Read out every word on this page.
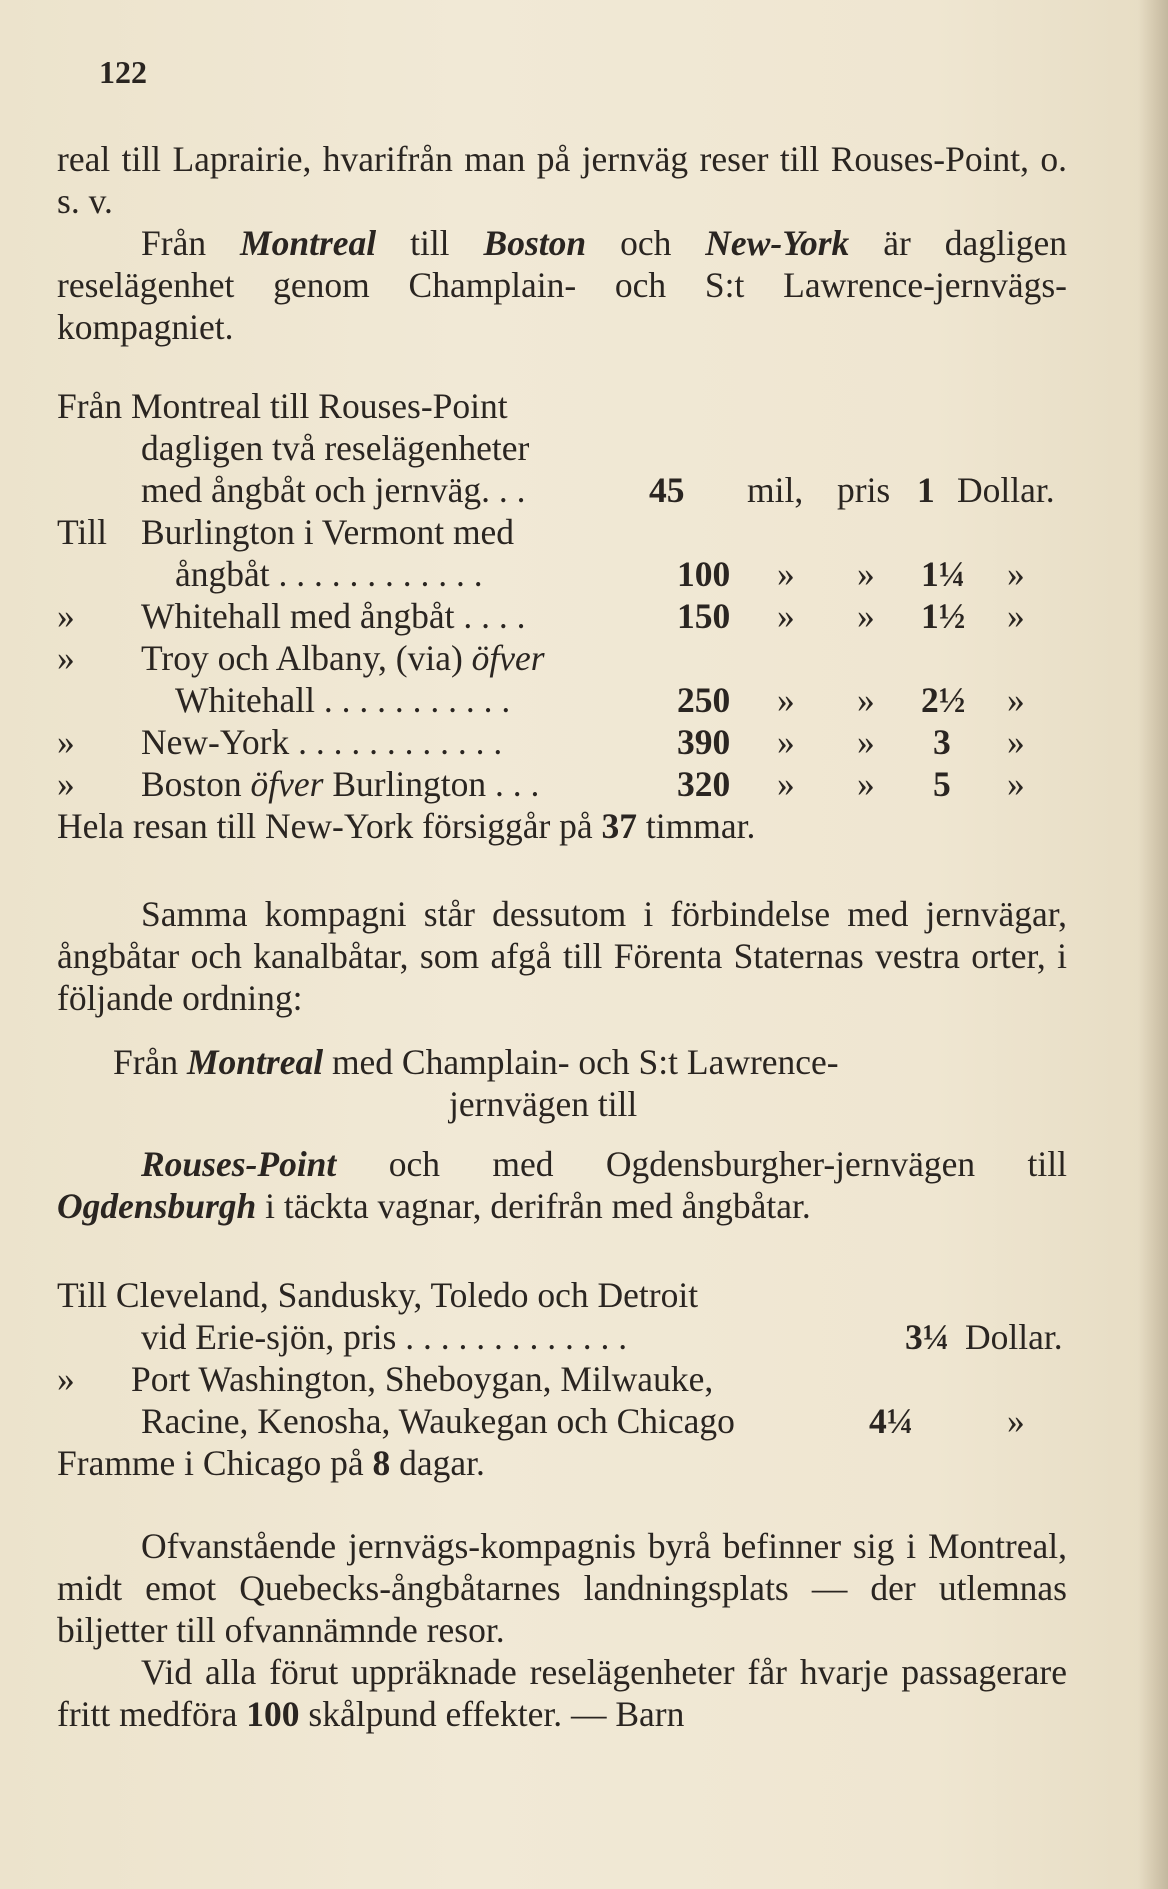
122

real till Laprairie, hvarifrån man på jernväg reser till Rouses-Point, o. s. v.

Från Montreal till Boston och New-York är dagligen reselägenhet genom Champlain- och S:t Lawrence-jernvägs-kompagniet.

Från Montreal till Rouses-Point
dagligen två reselägenheter
med ångbåt och jernväg. . .	45 mil, pris 1 Dollar.
Till Burlington i Vermont med
ångbåt . . . . . . . . . . . .	100 » » 1¼ »
» Whitehall med ångbåt . . . .	150 » » 1½ »
» Troy och Albany, (via) öfver
Whitehall . . . . . . . . . . .	250 » » 2½ »
» New-York . . . . . . . . . . . .	390 » » 3 »
» Boston öfver Burlington . . .	320 » » 5 »
Hela resan till New-York försiggår på 37 timmar.

Samma kompagni står dessutom i förbindelse med jernvägar, ångbåtar och kanalbåtar, som afgå till Förenta Staternas vestra orter, i följande ordning:

Från Montreal med Champlain- och S:t Lawrence-
jernvägen till

Rouses-Point och med Ogdensburgher-jernvägen till Ogdensburgh i täckta vagnar, derifrån med ångbåtar.

Till Cleveland, Sandusky, Toledo och Detroit
vid Erie-sjön, pris . . . . . . . . . . . . .	3¼ Dollar.
» Port Washington, Sheboygan, Milwauke,
Racine, Kenosha, Waukegan och Chicago	4¼	»
Framme i Chicago på 8 dagar.

Ofvanstående jernvägs-kompagnis byrå befinner sig i Montreal, midt emot Quebecks-ångbåtarnes landningsplats — der utlemnas biljetter till ofvannämnde resor.

Vid alla förut uppräknade reselägenheter får hvarje passagerare fritt medföra 100 skålpund effekter. — Barn
